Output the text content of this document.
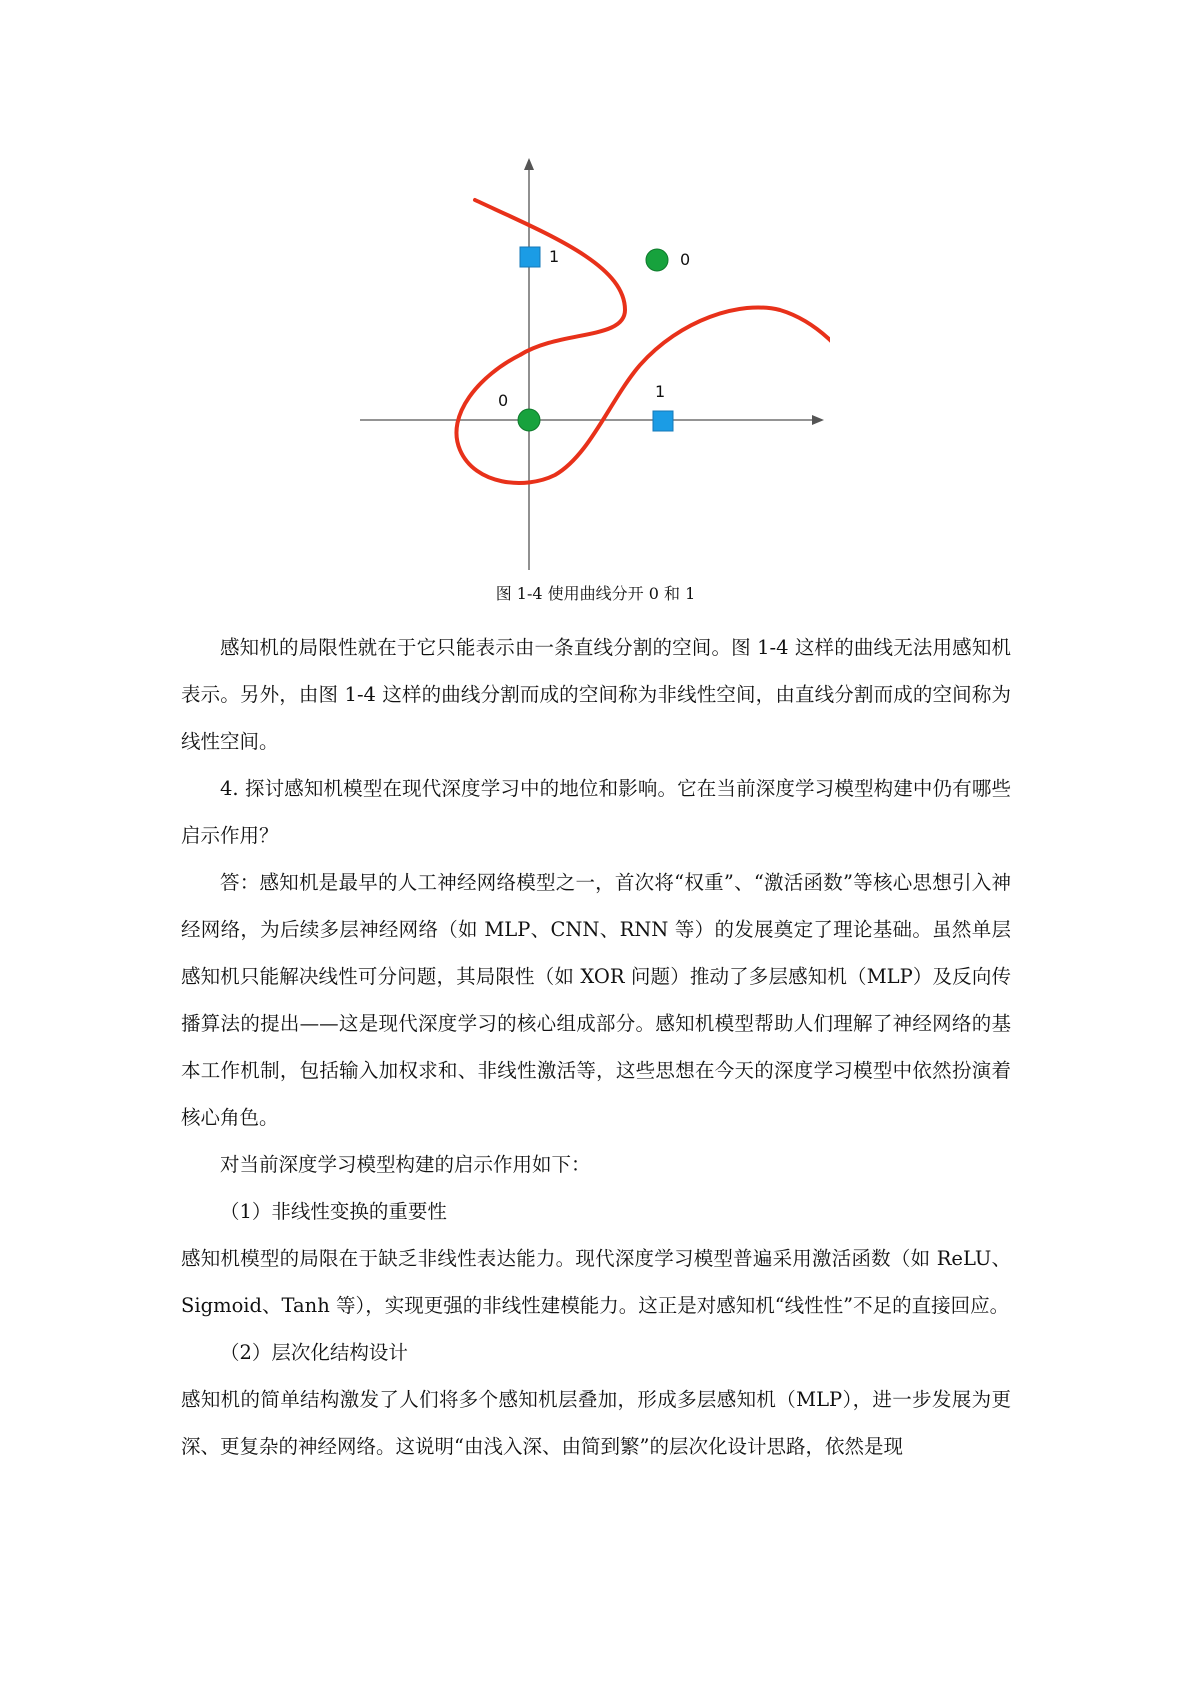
1	0
0	1
图 1-4 使用曲线分开 0 和 1

感知机的局限性就在于它只能表示由一条直线分割的空间。图 1-4 这样的曲线无法用感知机表示。另外，由图 1-4 这样的曲线分割而成的空间称为非线性空间，由直线分割而成的空间称为线性空间。

4. 探讨感知机模型在现代深度学习中的地位和影响。它在当前深度学习模型构建中仍有哪些启示作用？

答：感知机是最早的人工神经网络模型之一，首次将“权重”、“激活函数”等核心思想引入神经网络，为后续多层神经网络（如 MLP、CNN、RNN 等）的发展奠定了理论基础。虽然单层感知机只能解决线性可分问题，其局限性（如 XOR 问题）推动了多层感知机（MLP）及反向传播算法的提出——这是现代深度学习的核心组成部分。感知机模型帮助人们理解了神经网络的基本工作机制，包括输入加权求和、非线性激活等，这些思想在今天的深度学习模型中依然扮演着核心角色。

对当前深度学习模型构建的启示作用如下：

（1）非线性变换的重要性

感知机模型的局限在于缺乏非线性表达能力。现代深度学习模型普遍采用激活函数（如 ReLU、Sigmoid、Tanh 等），实现更强的非线性建模能力。这正是对感知机“线性性”不足的直接回应。

（2）层次化结构设计

感知机的简单结构激发了人们将多个感知机层叠加，形成多层感知机（MLP），进一步发展为更深、更复杂的神经网络。这说明“由浅入深、由简到繁”的层次化设计思路，依然是现
